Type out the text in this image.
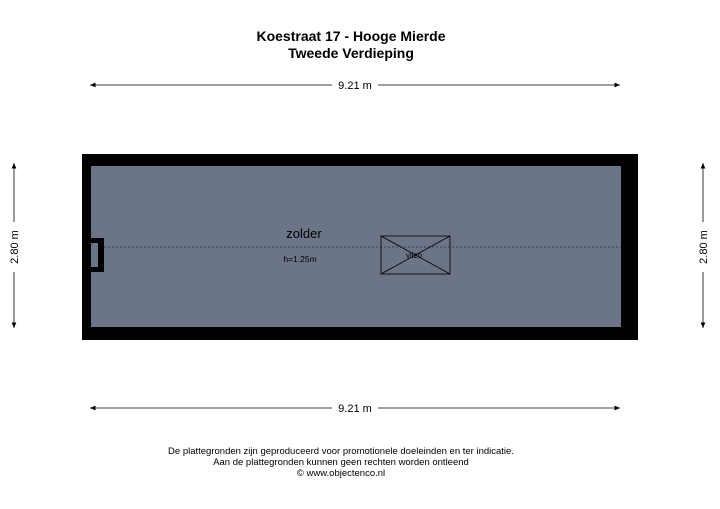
Koestraat 17 - Hooge Mierde
Tweede Verdieping
9.21 m
9.21 m
2.80 m	2.80 m
vlizo
zolder
h=1.25m
De plattegronden zijn geproduceerd voor promotionele doeleinden en ter indicatie.
Aan de plattegronden kunnen geen rechten worden ontleend
© www.objectenco.nl
